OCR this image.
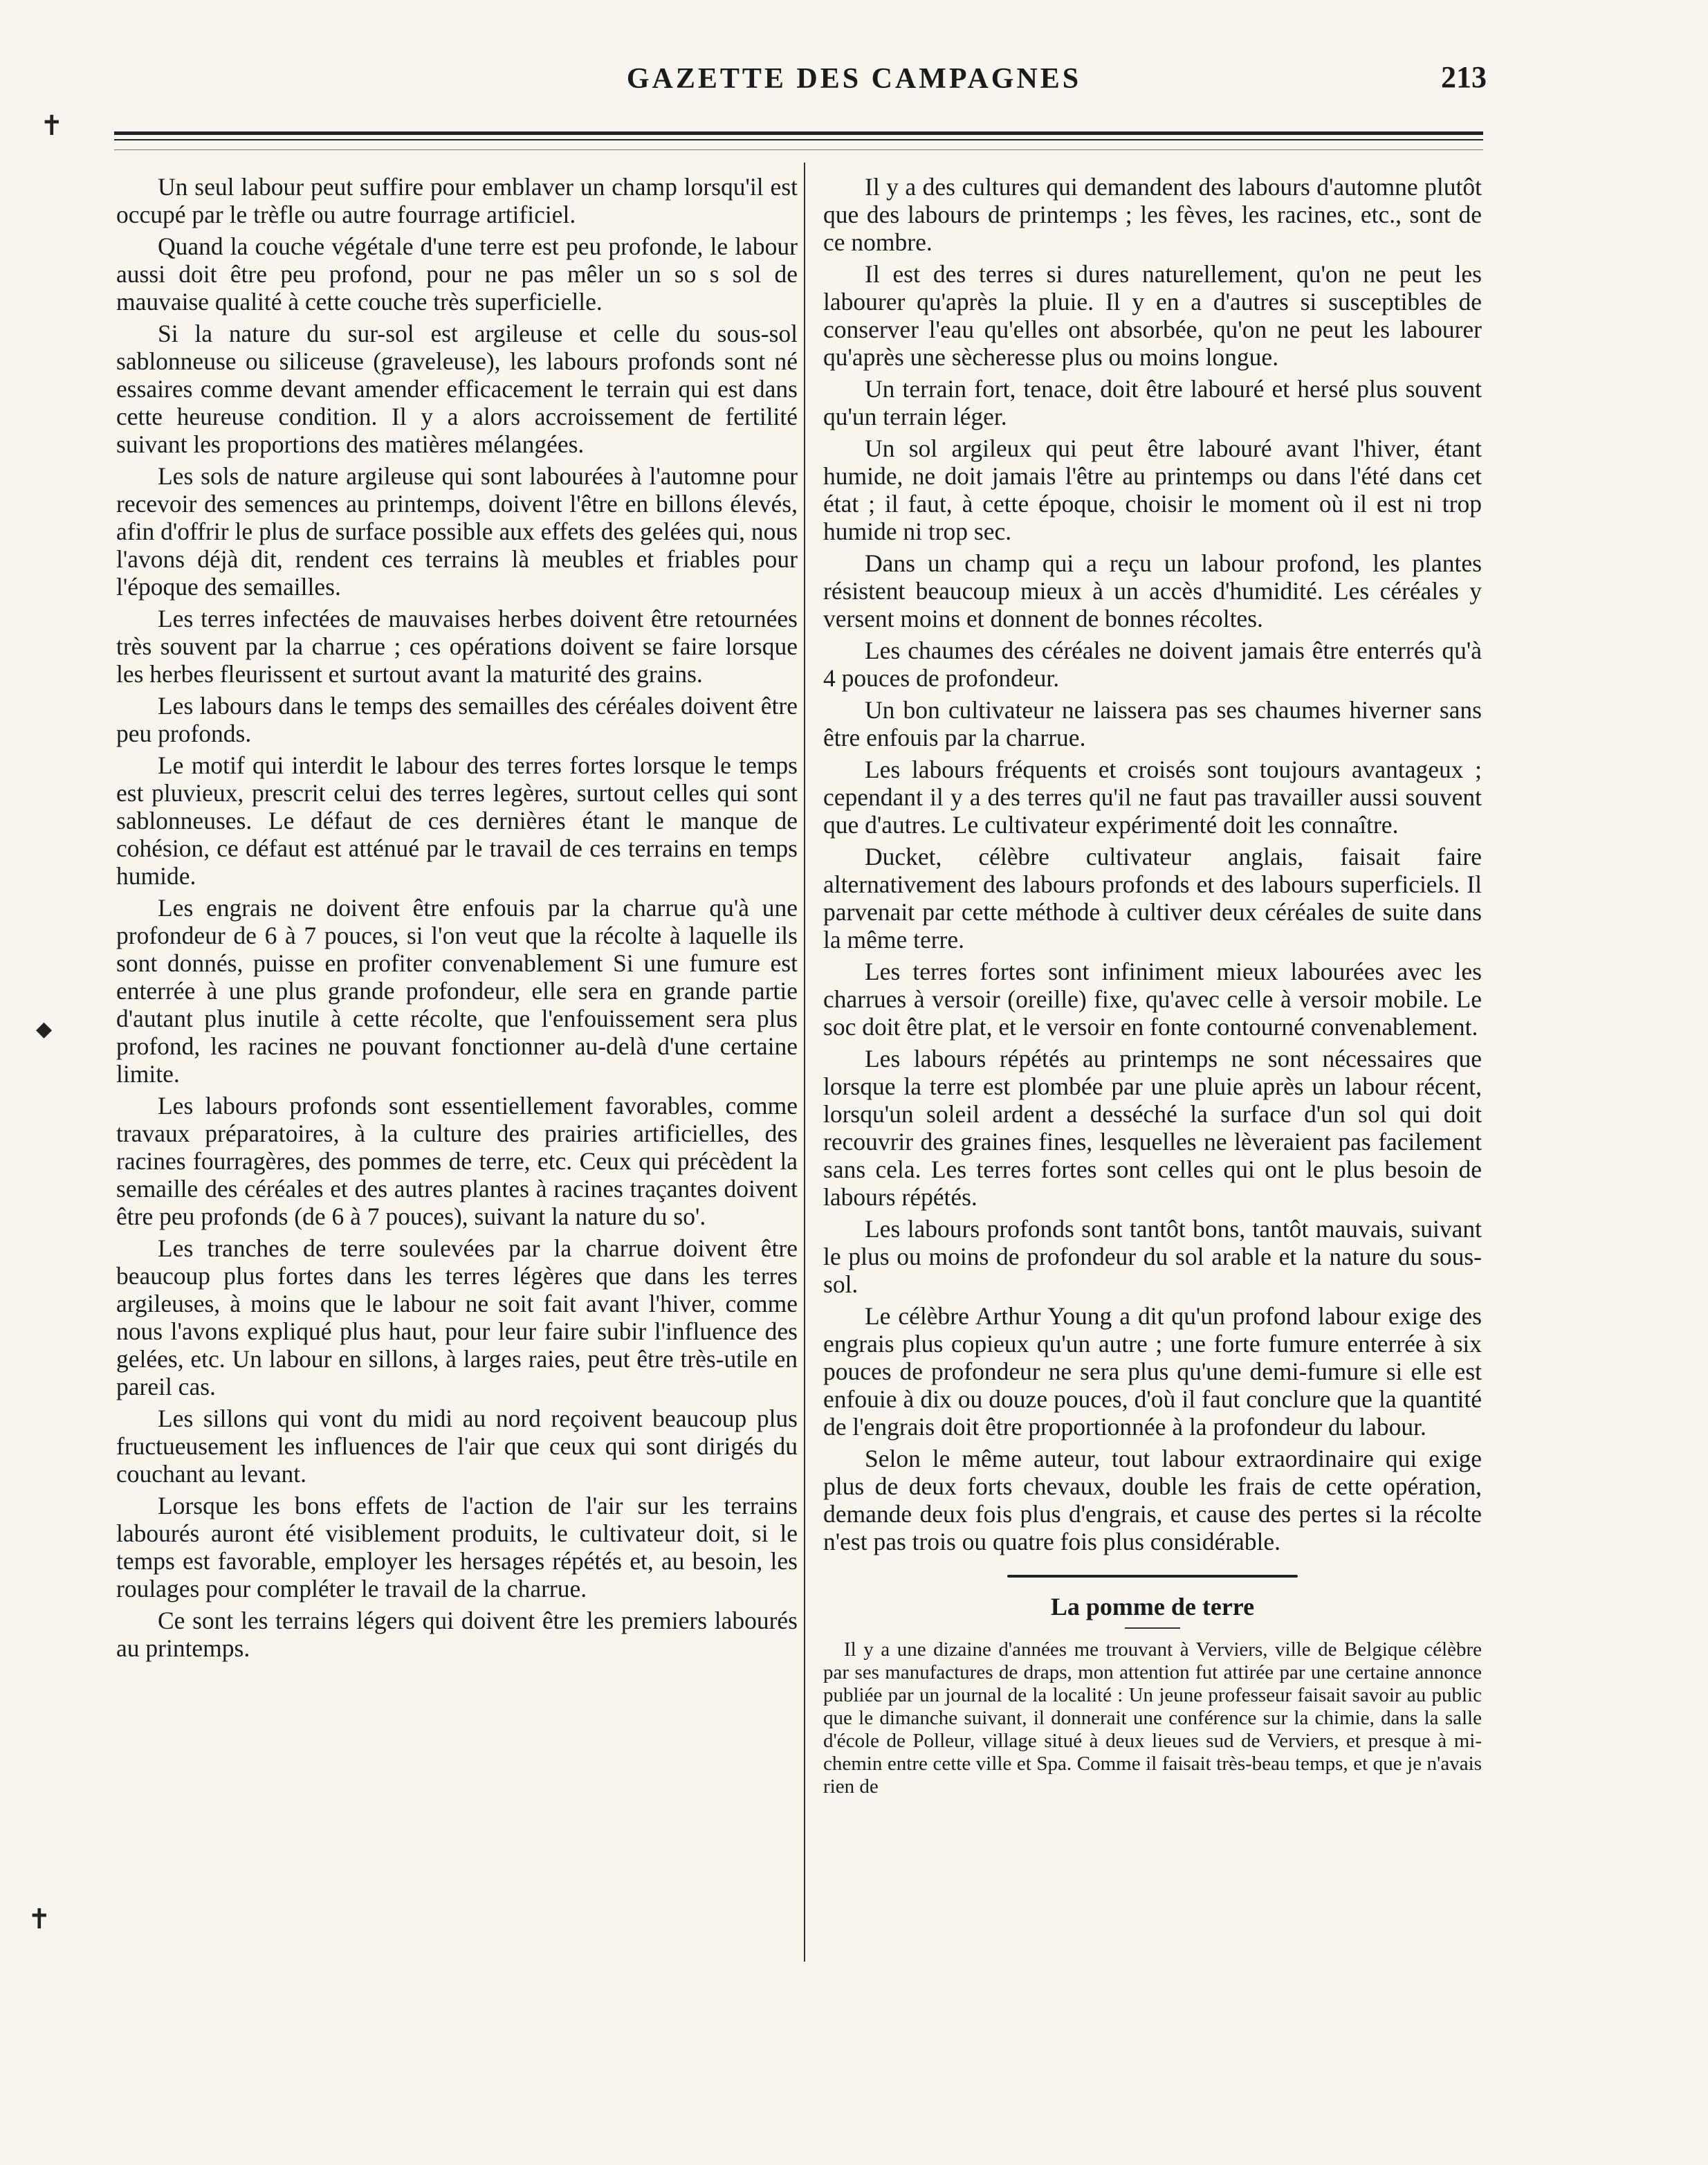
GAZETTE DES CAMPAGNES	213
✝
◆
✝

Un seul labour peut suffire pour emblaver un champ lorsqu'il est occupé par le trèfle ou autre fourrage artificiel.

Quand la couche végétale d'une terre est peu profonde, le labour aussi doit être peu profond, pour ne pas mêler un so s sol de mauvaise qualité à cette couche très superficielle.

Si la nature du sur-sol est argileuse et celle du sous-sol sablonneuse ou siliceuse (graveleuse), les labours profonds sont né essaires comme devant amender efficacement le terrain qui est dans cette heureuse condition. Il y a alors accroissement de fertilité suivant les proportions des matières mélangées.

Les sols de nature argileuse qui sont labourées à l'automne pour recevoir des semences au printemps, doivent l'être en billons élevés, afin d'offrir le plus de surface possible aux effets des gelées qui, nous l'avons déjà dit, rendent ces terrains là meubles et friables pour l'époque des semailles.

Les terres infectées de mauvaises herbes doivent être retournées très souvent par la charrue ; ces opérations doivent se faire lorsque les herbes fleurissent et surtout avant la maturité des grains.

Les labours dans le temps des semailles des céréales doivent être peu profonds.

Le motif qui interdit le labour des terres fortes lorsque le temps est pluvieux, prescrit celui des terres legères, surtout celles qui sont sablonneuses. Le défaut de ces dernières étant le manque de cohésion, ce défaut est atténué par le travail de ces terrains en temps humide.

Les engrais ne doivent être enfouis par la charrue qu'à une profondeur de 6 à 7 pouces, si l'on veut que la récolte à laquelle ils sont donnés, puisse en profiter convenablement Si une fumure est enterrée à une plus grande profondeur, elle sera en grande partie d'autant plus inutile à cette récolte, que l'enfouissement sera plus profond, les racines ne pouvant fonctionner au-delà d'une certaine limite.

Les labours profonds sont essentiellement favorables, comme travaux préparatoires, à la culture des prairies artificielles, des racines fourragères, des pommes de terre, etc. Ceux qui précèdent la semaille des céréales et des autres plantes à racines traçantes doivent être peu profonds (de 6 à 7 pouces), suivant la nature du so'.

Les tranches de terre soulevées par la charrue doivent être beaucoup plus fortes dans les terres légères que dans les terres argileuses, à moins que le labour ne soit fait avant l'hiver, comme nous l'avons expliqué plus haut, pour leur faire subir l'influence des gelées, etc. Un labour en sillons, à larges raies, peut être très-utile en pareil cas.

Les sillons qui vont du midi au nord reçoivent beaucoup plus fructueusement les influences de l'air que ceux qui sont dirigés du couchant au levant.

Lorsque les bons effets de l'action de l'air sur les terrains labourés auront été visiblement produits, le cultivateur doit, si le temps est favorable, employer les hersages répétés et, au besoin, les roulages pour compléter le travail de la charrue.

Ce sont les terrains légers qui doivent être les premiers labourés au printemps.

Il y a des cultures qui demandent des labours d'automne plutôt que des labours de printemps ; les fèves, les racines, etc., sont de ce nombre.

Il est des terres si dures naturellement, qu'on ne peut les labourer qu'après la pluie. Il y en a d'autres si susceptibles de conserver l'eau qu'elles ont absorbée, qu'on ne peut les labourer qu'après une sècheresse plus ou moins longue.

Un terrain fort, tenace, doit être labouré et hersé plus souvent qu'un terrain léger.

Un sol argileux qui peut être labouré avant l'hiver, étant humide, ne doit jamais l'être au printemps ou dans l'été dans cet état ; il faut, à cette époque, choisir le moment où il est ni trop humide ni trop sec.

Dans un champ qui a reçu un labour profond, les plantes résistent beaucoup mieux à un accès d'humidité. Les céréales y versent moins et donnent de bonnes récoltes.

Les chaumes des céréales ne doivent jamais être enterrés qu'à 4 pouces de profondeur.

Un bon cultivateur ne laissera pas ses chaumes hiverner sans être enfouis par la charrue.

Les labours fréquents et croisés sont toujours avantageux ; cependant il y a des terres qu'il ne faut pas travailler aussi souvent que d'autres. Le cultivateur expérimenté doit les connaître.

Ducket, célèbre cultivateur anglais, faisait faire alternativement des labours profonds et des labours superficiels. Il parvenait par cette méthode à cultiver deux céréales de suite dans la même terre.

Les terres fortes sont infiniment mieux labourées avec les charrues à versoir (oreille) fixe, qu'avec celle à versoir mobile. Le soc doit être plat, et le versoir en fonte contourné convenablement.

Les labours répétés au printemps ne sont nécessaires que lorsque la terre est plombée par une pluie après un labour récent, lorsqu'un soleil ardent a desséché la surface d'un sol qui doit recouvrir des graines fines, lesquelles ne lèveraient pas facilement sans cela. Les terres fortes sont celles qui ont le plus besoin de labours répétés.

Les labours profonds sont tantôt bons, tantôt mauvais, suivant le plus ou moins de profondeur du sol arable et la nature du sous-sol.

Le célèbre Arthur Young a dit qu'un profond labour exige des engrais plus copieux qu'un autre ; une forte fumure enterrée à six pouces de profondeur ne sera plus qu'une demi-fumure si elle est enfouie à dix ou douze pouces, d'où il faut conclure que la quantité de l'engrais doit être proportionnée à la profondeur du labour.

Selon le même auteur, tout labour extraordinaire qui exige plus de deux forts chevaux, double les frais de cette opération, demande deux fois plus d'engrais, et cause des pertes si la récolte n'est pas trois ou quatre fois plus considérable.

La pomme de terre

Il y a une dizaine d'années me trouvant à Verviers, ville de Belgique célèbre par ses manufactures de draps, mon attention fut attirée par une certaine annonce publiée par un journal de la localité : Un jeune professeur faisait savoir au public que le dimanche suivant, il donnerait une conférence sur la chimie, dans la salle d'école de Polleur, village situé à deux lieues sud de Verviers, et presque à mi-chemin entre cette ville et Spa. Comme il faisait très-beau temps, et que je n'avais rien de
